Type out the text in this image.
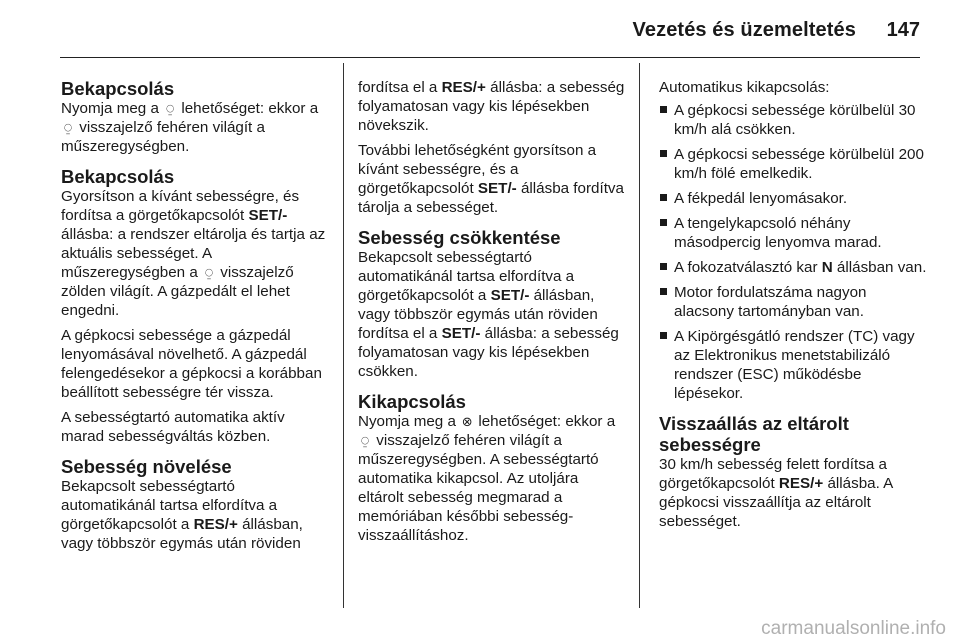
Vezetés és üzemeltetés 147
Bekapcsolás

Nyomja meg a ⍜ lehetőséget: ekkor a ⍜ visszajelző fehéren világít a műszeregységben.

Bekapcsolás

Gyorsítson a kívánt sebességre, és fordítsa a görgetőkapcsolót SET/- állásba: a rendszer eltárolja és tartja az aktuális sebességet. A műszeregységben a ⍜ visszajelző zölden világít. A gázpedált el lehet engedni.

A gépkocsi sebessége a gázpedál lenyomásával növelhető. A gázpedál felengedésekor a gépkocsi a korábban beállított sebességre tér vissza.

A sebességtartó automatika aktív marad sebességváltás közben.

Sebesség növelése

Bekapcsolt sebességtartó automatikánál tartsa elfordítva a görgetőkapcsolót a RES/+ állásban, vagy többször egymás után röviden

fordítsa el a RES/+ állásba: a sebesség folyamatosan vagy kis lépésekben növekszik.

További lehetőségként gyorsítson a kívánt sebességre, és a görgetőkapcsolót SET/- állásba fordítva tárolja a sebességet.

Sebesség csökkentése

Bekapcsolt sebességtartó automatikánál tartsa elfordítva a görgetőkapcsolót a SET/- állásban, vagy többször egymás után röviden fordítsa el a SET/- állásba: a sebesség folyamatosan vagy kis lépésekben csökken.

Kikapcsolás

Nyomja meg a ⊗ lehetőséget: ekkor a ⍜ visszajelző fehéren világít a műszeregységben. A sebességtartó automatika kikapcsol. Az utoljára eltárolt sebesség megmarad a memóriában későbbi sebesség-visszaállításhoz.

Automatikus kikapcsolás:

A gépkocsi sebessége körülbelül 30 km/h alá csökken.
A gépkocsi sebessége körülbelül 200 km/h fölé emelkedik.
A fékpedál lenyomásakor.
A tengelykapcsoló néhány másodpercig lenyomva marad.
A fokozatválasztó kar N állásban van.
Motor fordulatszáma nagyon alacsony tartományban van.
A Kipörgésgátló rendszer (TC) vagy az Elektronikus menetstabilizáló rendszer (ESC) működésbe lépésekor.
Visszaállás az eltárolt sebességre

30 km/h sebesség felett fordítsa a görgetőkapcsolót RES/+ állásba. A gépkocsi visszaállítja az eltárolt sebességet.

carmanualsonline.info
